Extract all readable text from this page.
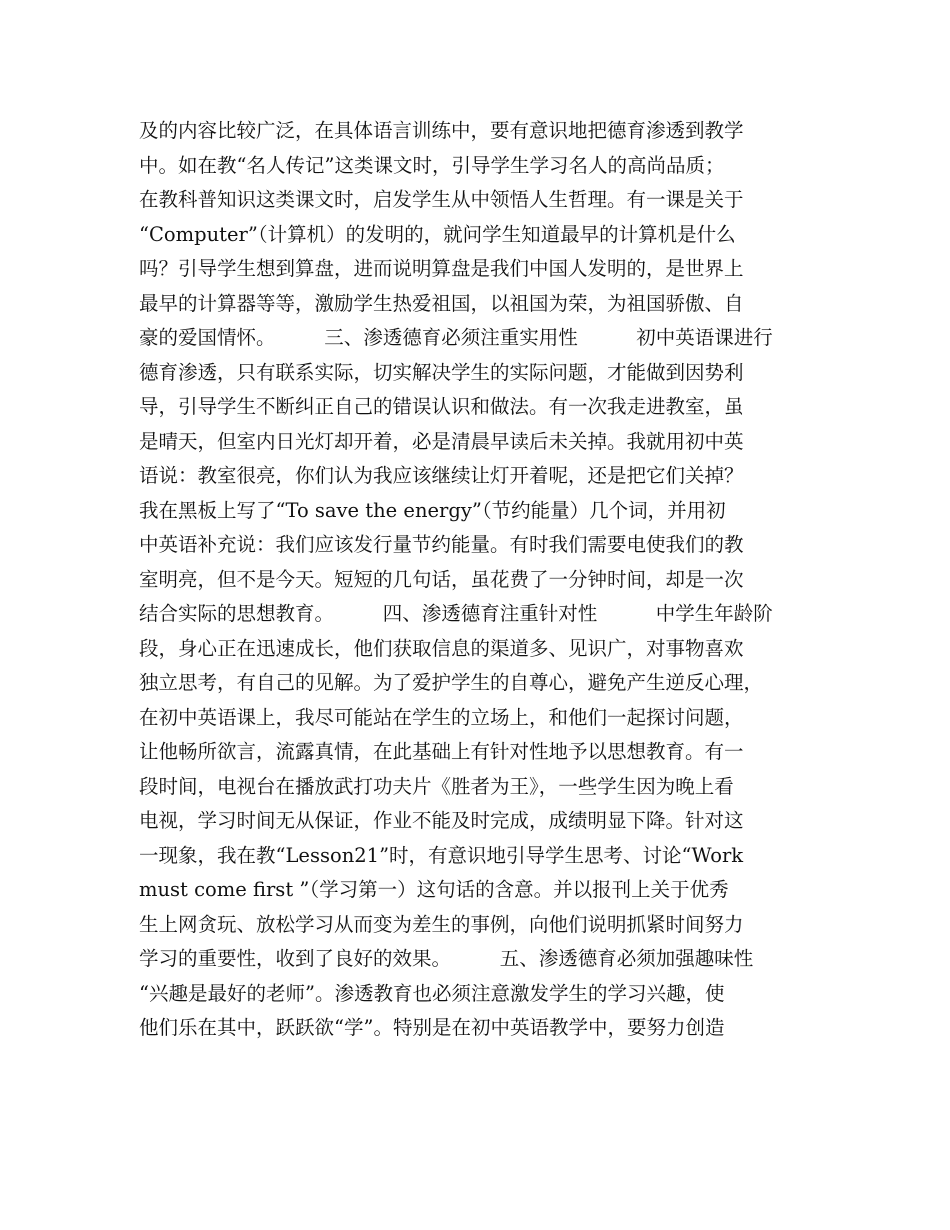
及的内容比较广泛，在具体语言训练中，要有意识地把德育渗透到教学
中。如在教“名人传记”这类课文时，引导学生学习名人的高尚品质；
在教科普知识这类课文时，启发学生从中领悟人生哲理。有一课是关于
“Computer”（计算机）的发明的，就问学生知道最早的计算机是什么
吗？引导学生想到算盘，进而说明算盘是我们中国人发明的，是世界上
最早的计算器等等，激励学生热爱祖国，以祖国为荣，为祖国骄傲、自
豪的爱国情怀。　　　三、渗透德育必须注重实用性　　　初中英语课进行
德育渗透，只有联系实际，切实解决学生的实际问题，才能做到因势利
导，引导学生不断纠正自己的错误认识和做法。有一次我走进教室，虽
是晴天，但室内日光灯却开着，必是清晨早读后未关掉。我就用初中英
语说：教室很亮，你们认为我应该继续让灯开着呢，还是把它们关掉？
我在黑板上写了“To save the energy”（节约能量）几个词，并用初
中英语补充说：我们应该发行量节约能量。有时我们需要电使我们的教
室明亮，但不是今天。短短的几句话，虽花费了一分钟时间，却是一次
结合实际的思想教育。　　　四、渗透德育注重针对性　　　中学生年龄阶
段，身心正在迅速成长，他们获取信息的渠道多、见识广，对事物喜欢
独立思考，有自己的见解。为了爱护学生的自尊心，避免产生逆反心理，
在初中英语课上，我尽可能站在学生的立场上，和他们一起探讨问题，
让他畅所欲言，流露真情，在此基础上有针对性地予以思想教育。有一
段时间，电视台在播放武打功夫片《胜者为王》，一些学生因为晚上看
电视，学习时间无从保证，作业不能及时完成，成绩明显下降。针对这
一现象，我在教“Lesson21”时，有意识地引导学生思考、讨论“Work
must come first ”（学习第一）这句话的含意。并以报刊上关于优秀
生上网贪玩、放松学习从而变为差生的事例，向他们说明抓紧时间努力
学习的重要性，收到了良好的效果。　　　五、渗透德育必须加强趣味性
“兴趣是最好的老师”。渗透教育也必须注意激发学生的学习兴趣，使
他们乐在其中，跃跃欲“学”。特别是在初中英语教学中，要努力创造
